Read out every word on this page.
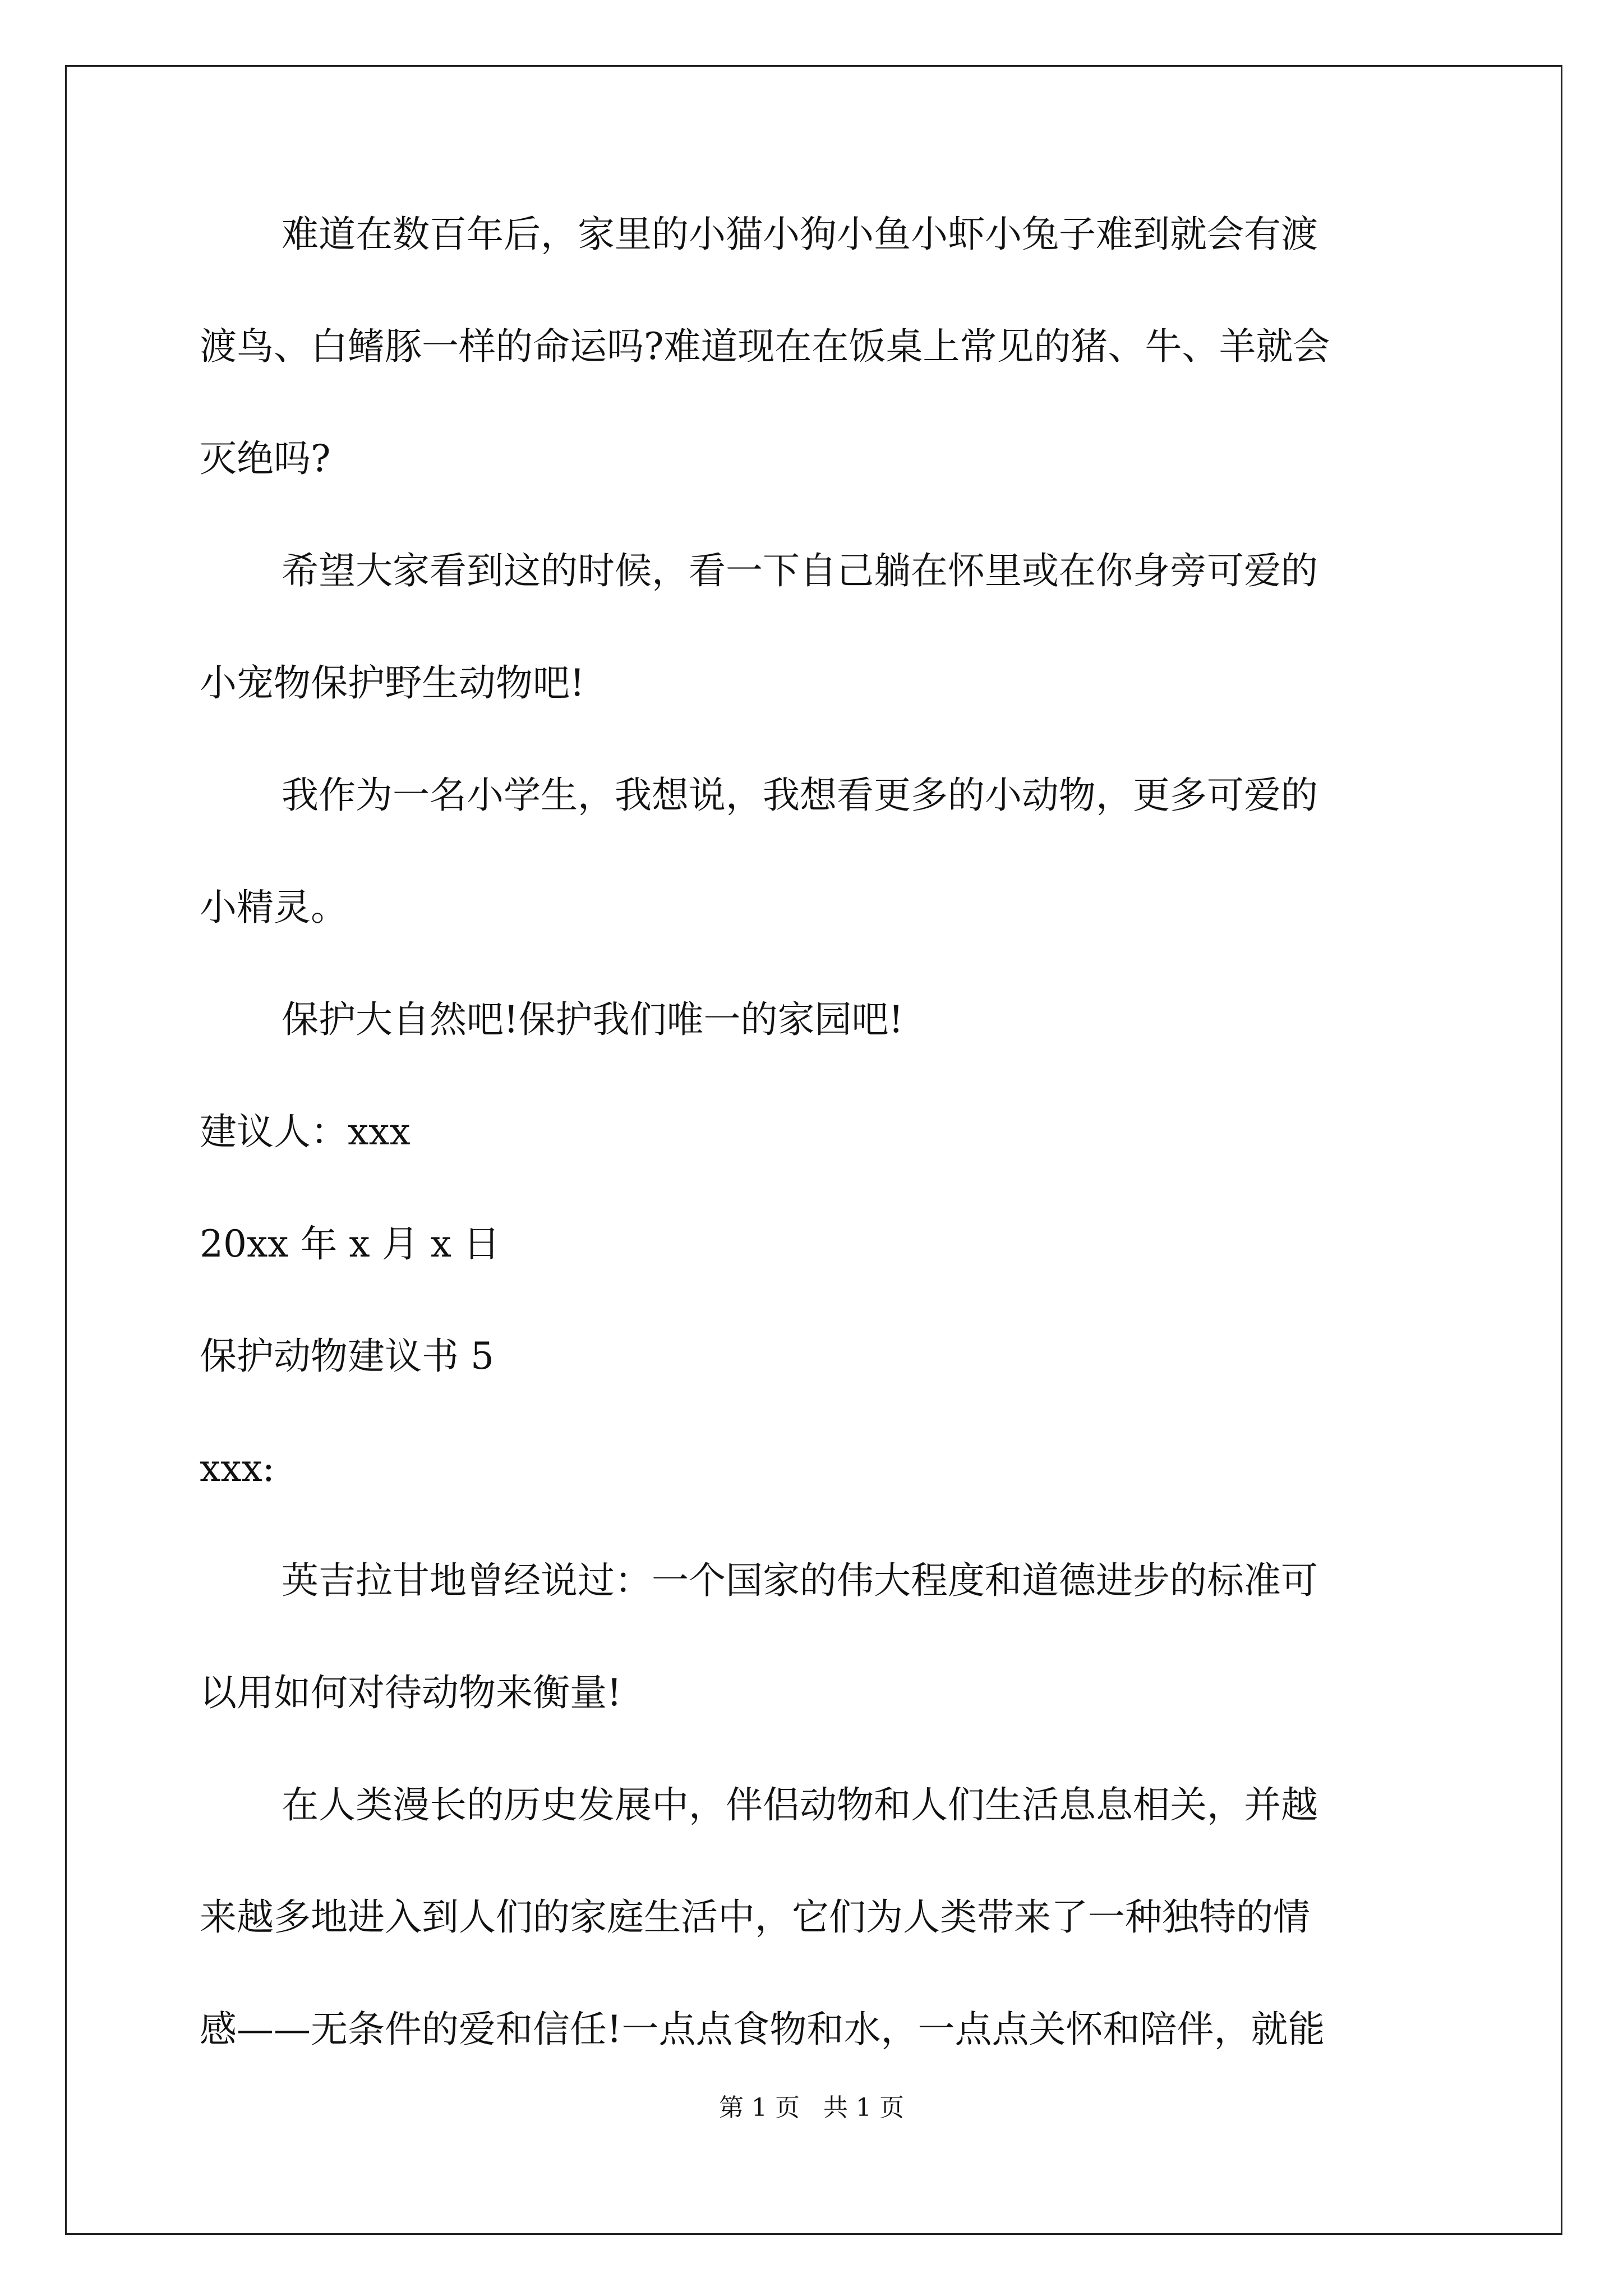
难道在数百年后，家里的小猫小狗小鱼小虾小兔子难到就会有渡
渡鸟、白鳍豚一样的命运吗?难道现在在饭桌上常见的猪、牛、羊就会
灭绝吗?
希望大家看到这的时候，看一下自己躺在怀里或在你身旁可爱的
小宠物保护野生动物吧!
我作为一名小学生，我想说，我想看更多的小动物，更多可爱的
小精灵。
保护大自然吧!保护我们唯一的家园吧!
建议人：xxx
20xx 年 x 月 x 日
保护动物建议书 5
xxx:
英吉拉甘地曾经说过：一个国家的伟大程度和道德进步的标准可
以用如何对待动物来衡量!
在人类漫长的历史发展中，伴侣动物和人们生活息息相关，并越
来越多地进入到人们的家庭生活中，它们为人类带来了一种独特的情
感——无条件的爱和信任!一点点食物和水，一点点关怀和陪伴，就能
第 1 页   共 1 页
